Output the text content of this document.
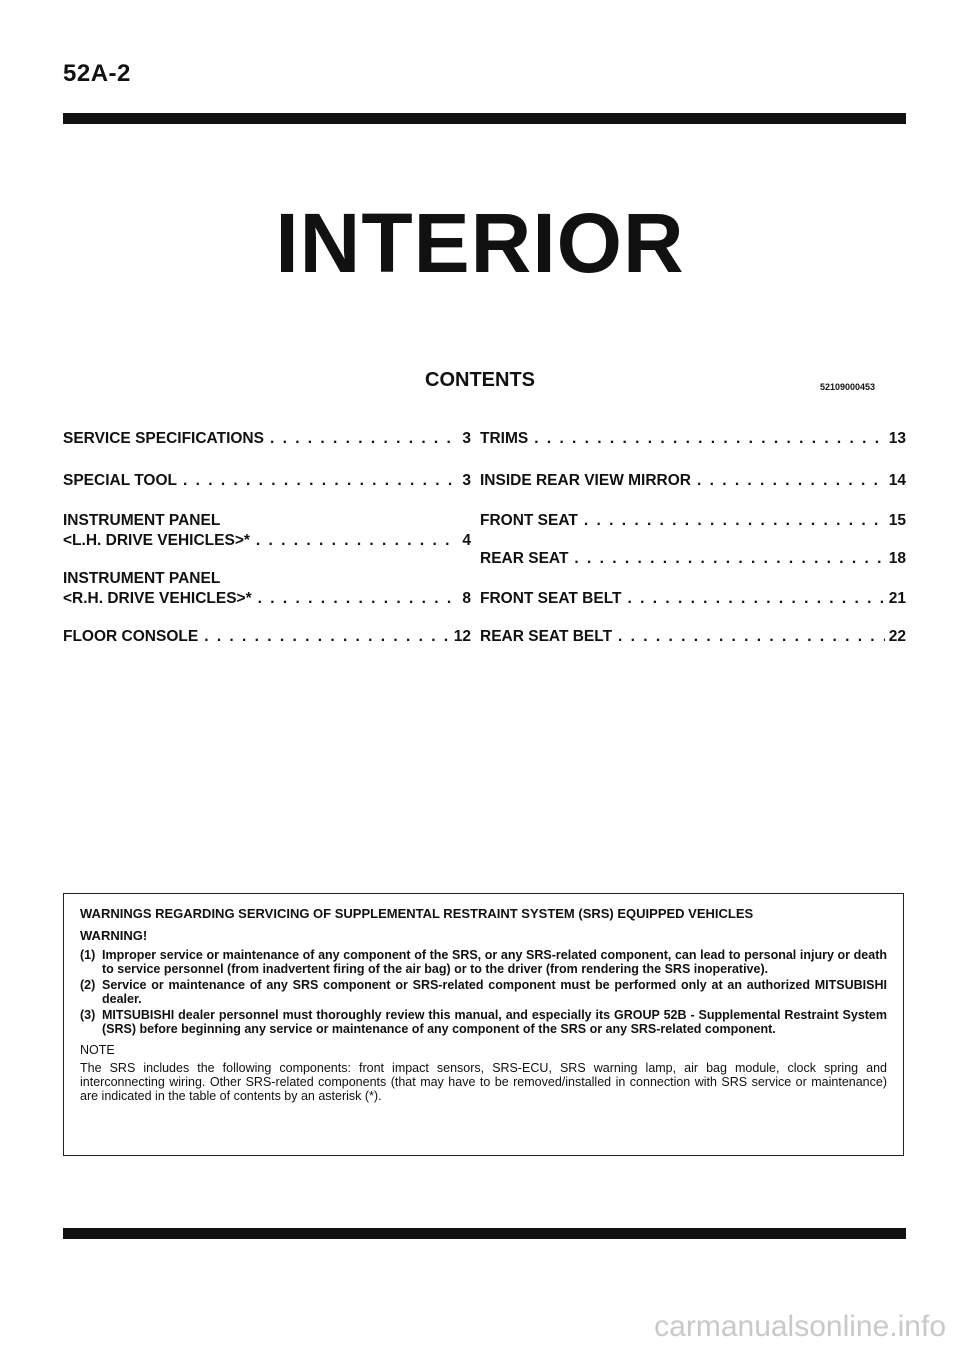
52A-2
INTERIOR
CONTENTS	52109000453
SERVICE SPECIFICATIONS . . .	3
SPECIAL TOOL . . .	3
INSTRUMENT PANEL
<L.H. DRIVE VEHICLES>* . . .	4
INSTRUMENT PANEL
<R.H. DRIVE VEHICLES>* . . .	8
FLOOR CONSOLE . . .	12
TRIMS . . .	13
INSIDE REAR VIEW MIRROR . . .	14
FRONT SEAT . . .	15
REAR SEAT . . .	18
FRONT SEAT BELT . . .	21
REAR SEAT BELT . . .	22
WARNINGS REGARDING SERVICING OF SUPPLEMENTAL RESTRAINT SYSTEM (SRS) EQUIPPED VEHICLES
WARNING!
(1) Improper service or maintenance of any component of the SRS, or any SRS-related component, can lead to personal injury or death to service personnel (from inadvertent firing of the air bag) or to the driver (from rendering the SRS inoperative).
(2) Service or maintenance of any SRS component or SRS-related component must be performed only at an authorized MITSUBISHI dealer.
(3) MITSUBISHI dealer personnel must thoroughly review this manual, and especially its GROUP 52B - Supplemental Restraint System (SRS) before beginning any service or maintenance of any component of the SRS or any SRS-related component.
NOTE
The SRS includes the following components: front impact sensors, SRS-ECU, SRS warning lamp, air bag module, clock spring and interconnecting wiring. Other SRS-related components (that may have to be removed/installed in connection with SRS service or maintenance) are indicated in the table of contents by an asterisk (*).
carmanualsonline.info
